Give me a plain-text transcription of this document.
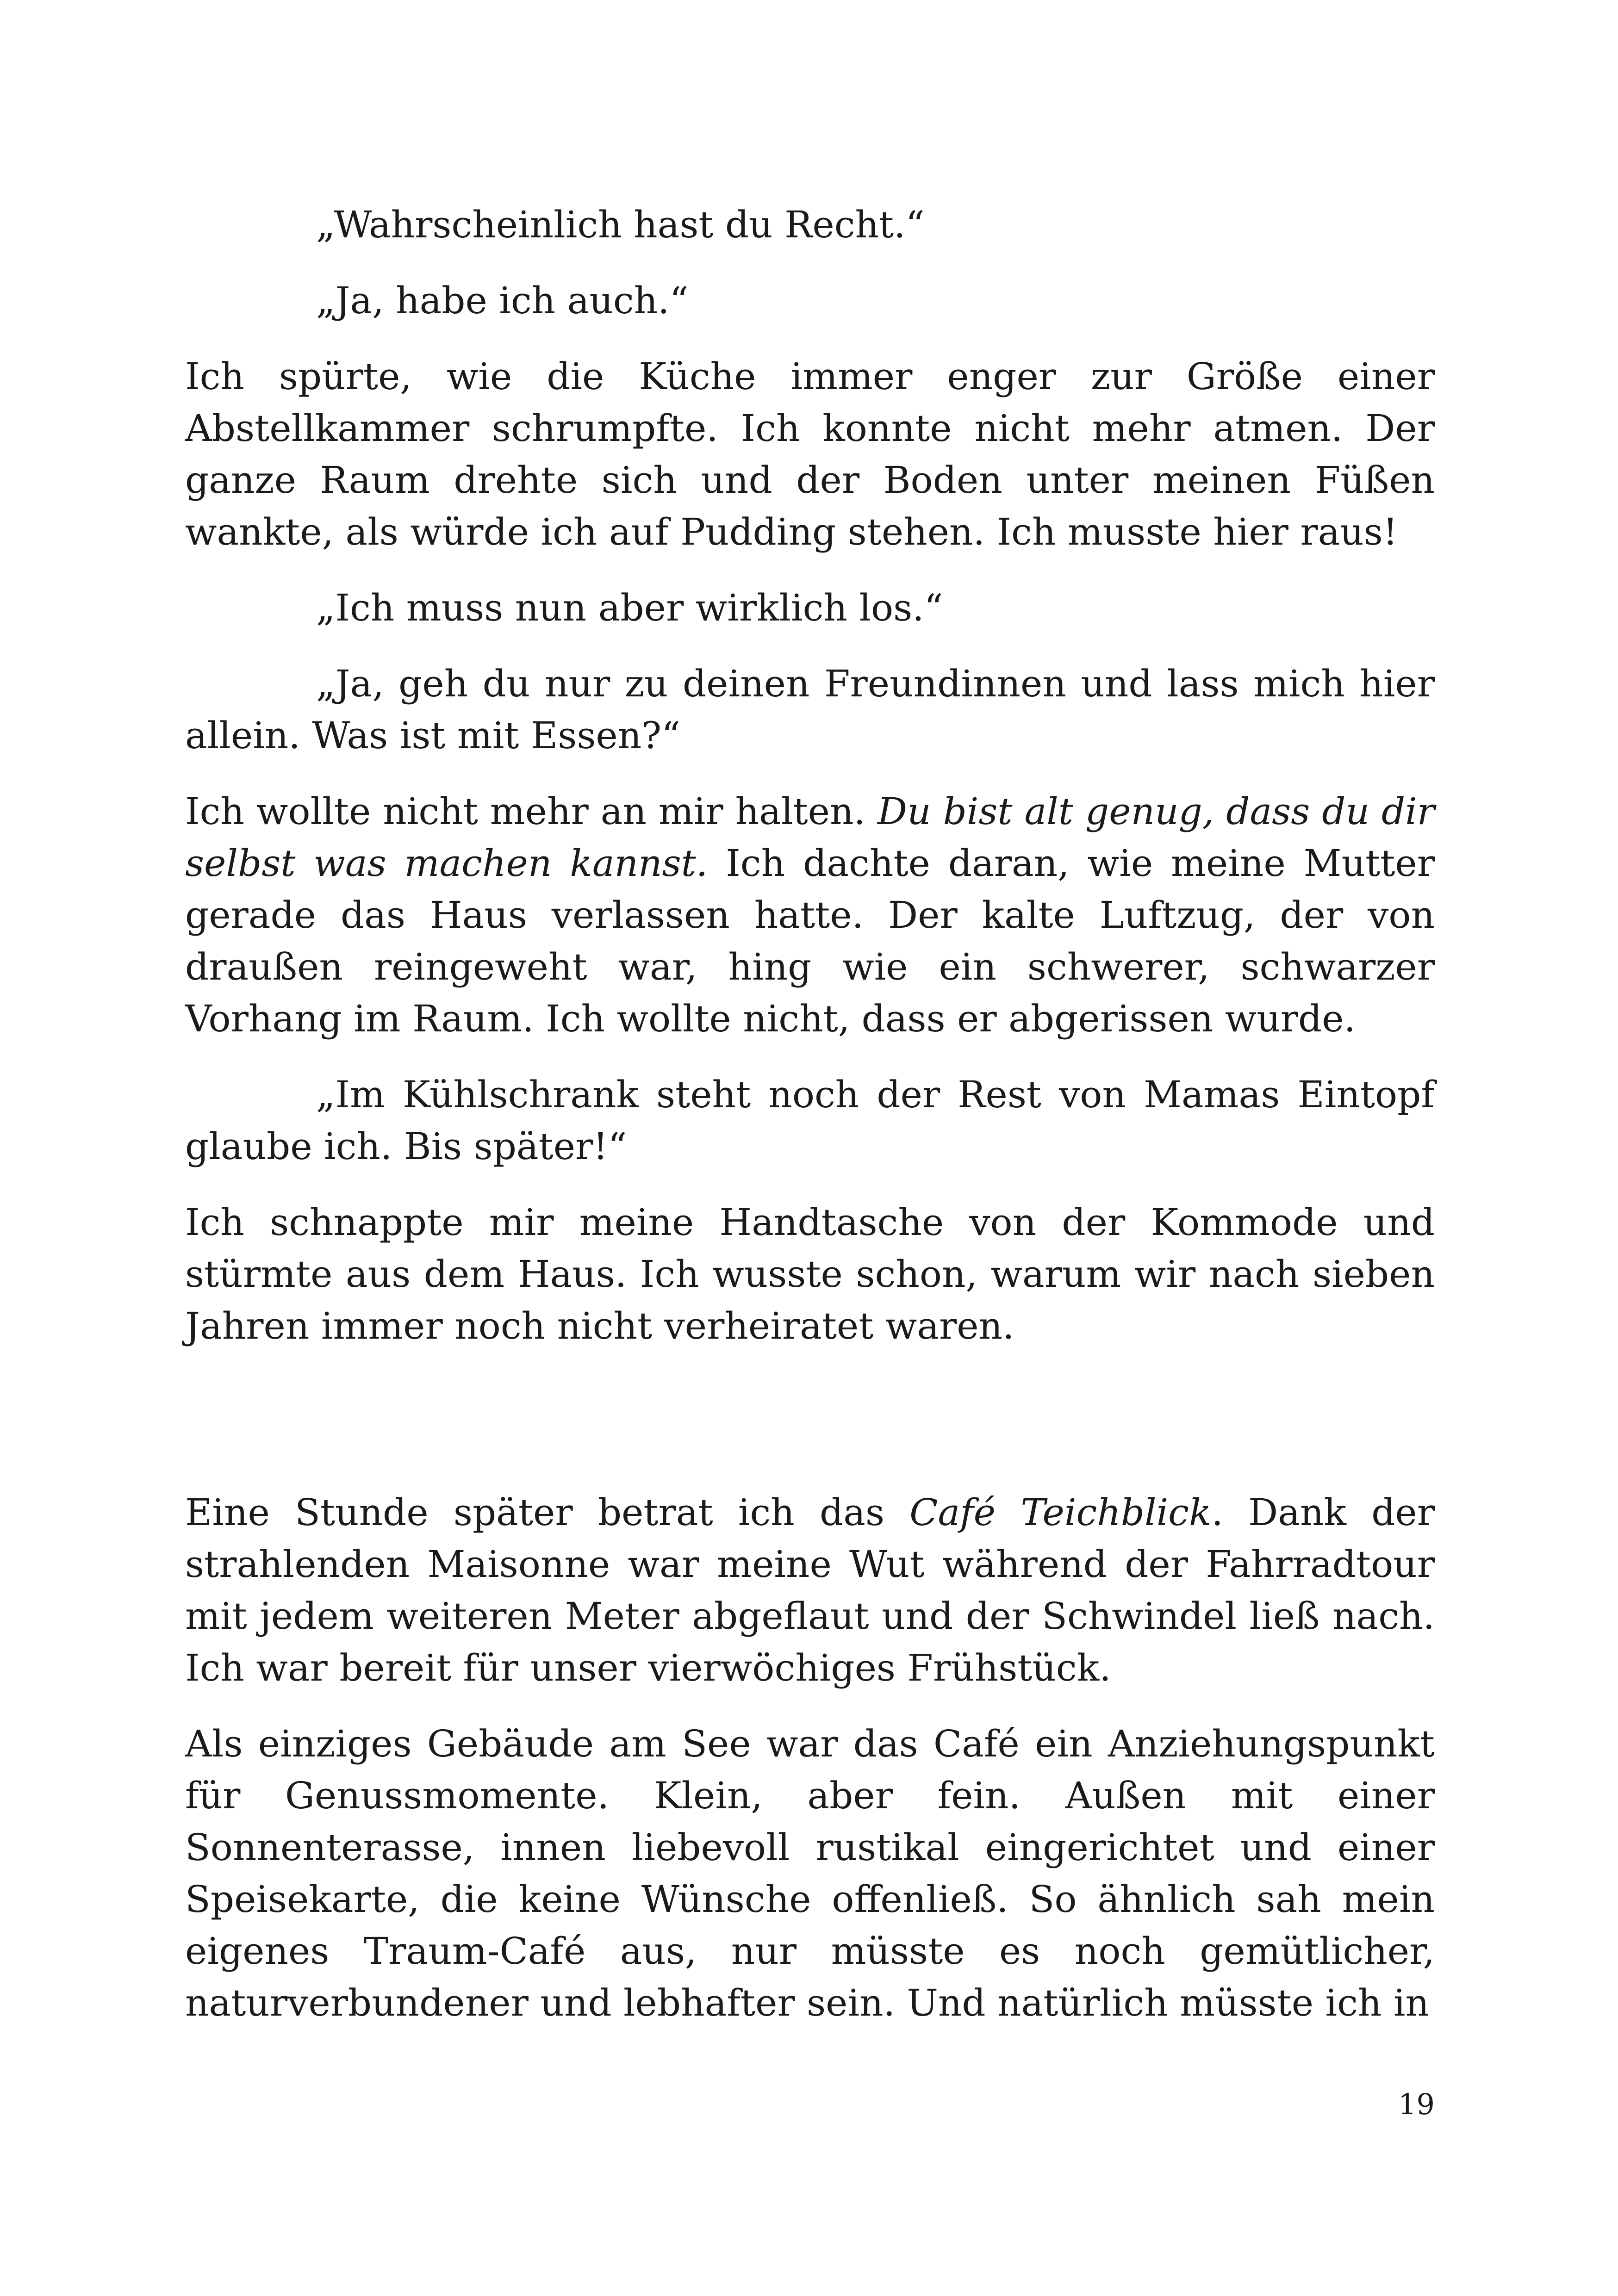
„Wahrscheinlich hast du Recht.“

„Ja, habe ich auch.“

Ich spürte, wie die Küche immer enger zur Größe einer Abstellkammer schrumpfte. Ich konnte nicht mehr atmen. Der ganze Raum drehte sich und der Boden unter meinen Füßen wankte, als würde ich auf Pudding stehen. Ich musste hier raus!

„Ich muss nun aber wirklich los.“

„Ja, geh du nur zu deinen Freundinnen und lass mich hier allein. Was ist mit Essen?“

Ich wollte nicht mehr an mir halten. Du bist alt genug, dass du dir selbst was machen kannst. Ich dachte daran, wie meine Mutter gerade das Haus verlassen hatte. Der kalte Luftzug, der von draußen reingeweht war, hing wie ein schwerer, schwarzer Vorhang im Raum. Ich wollte nicht, dass er abgerissen wurde.

„Im Kühlschrank steht noch der Rest von Mamas Eintopf glaube ich. Bis später!“

Ich schnappte mir meine Handtasche von der Kommode und stürmte aus dem Haus. Ich wusste schon, warum wir nach sieben Jahren immer noch nicht verheiratet waren.

Eine Stunde später betrat ich das Café Teichblick. Dank der strahlenden Maisonne war meine Wut während der Fahrradtour mit jedem weiteren Meter abgeflaut und der Schwindel ließ nach. Ich war bereit für unser vierwöchiges Frühstück.

Als einziges Gebäude am See war das Café ein Anziehungspunkt für Genussmomente. Klein, aber fein. Außen mit einer Sonnenterasse, innen liebevoll rustikal eingerichtet und einer Speisekarte, die keine Wünsche offenließ. So ähnlich sah mein eigenes Traum-Café aus, nur müsste es noch gemütlicher, naturverbundener und lebhafter sein. Und natürlich müsste ich in

19
